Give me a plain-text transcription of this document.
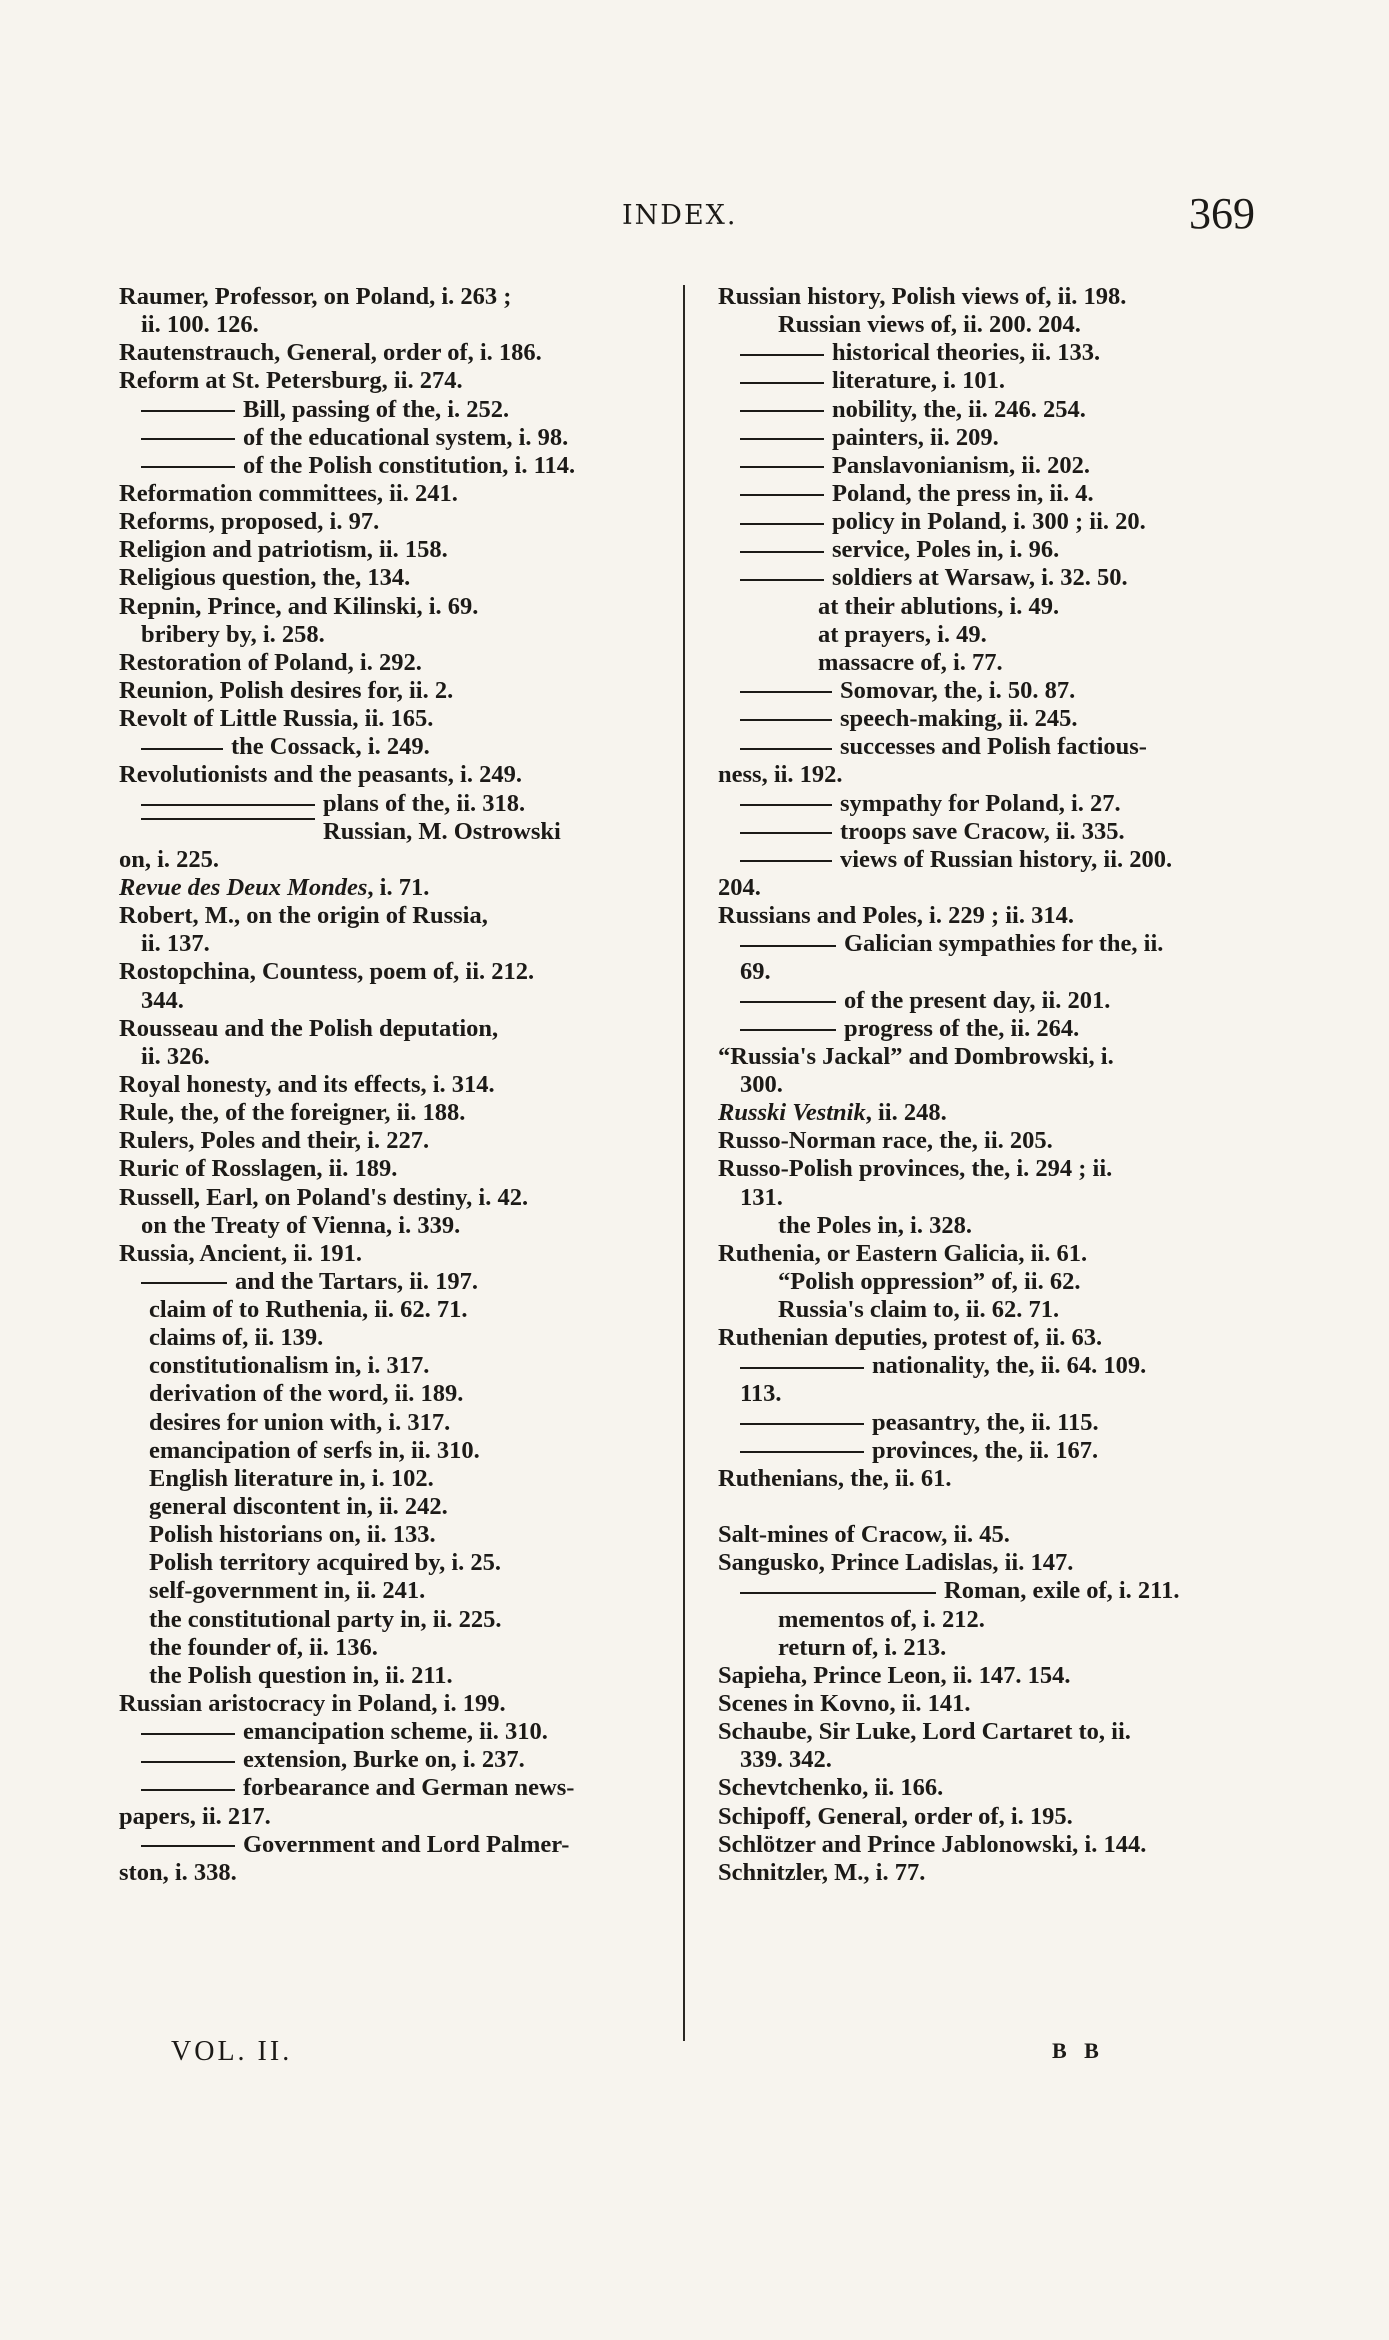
INDEX.	369
Raumer, Professor, on Poland, i. 263 ;
ii. 100. 126.
Rautenstrauch, General, order of, i. 186.
Reform at St. Petersburg, ii. 274.
Bill, passing of the, i. 252.
of the educational system, i. 98.
of the Polish constitution, i. 114.
Reformation committees, ii. 241.
Reforms, proposed, i. 97.
Religion and patriotism, ii. 158.
Religious question, the, 134.
Repnin, Prince, and Kilinski, i. 69.
bribery by, i. 258.
Restoration of Poland, i. 292.
Reunion, Polish desires for, ii. 2.
Revolt of Little Russia, ii. 165.
the Cossack, i. 249.
Revolutionists and the peasants, i. 249.
plans of the, ii. 318.
Russian, M. Ostrowski
on, i. 225.
Revue des Deux Mondes, i. 71.
Robert, M., on the origin of Russia,
ii. 137.
Rostopchina, Countess, poem of, ii. 212.
344.
Rousseau and the Polish deputation,
ii. 326.
Royal honesty, and its effects, i. 314.
Rule, the, of the foreigner, ii. 188.
Rulers, Poles and their, i. 227.
Ruric of Rosslagen, ii. 189.
Russell, Earl, on Poland's destiny, i. 42.
on the Treaty of Vienna, i. 339.
Russia, Ancient, ii. 191.
and the Tartars, ii. 197.
claim of to Ruthenia, ii. 62. 71.
claims of, ii. 139.
constitutionalism in, i. 317.
derivation of the word, ii. 189.
desires for union with, i. 317.
emancipation of serfs in, ii. 310.
English literature in, i. 102.
general discontent in, ii. 242.
Polish historians on, ii. 133.
Polish territory acquired by, i. 25.
self-government in, ii. 241.
the constitutional party in, ii. 225.
the founder of, ii. 136.
the Polish question in, ii. 211.
Russian aristocracy in Poland, i. 199.
emancipation scheme, ii. 310.
extension, Burke on, i. 237.
forbearance and German news-
papers, ii. 217.
Government and Lord Palmer-
ston, i. 338.
Russian history, Polish views of, ii. 198.
Russian views of, ii. 200. 204.
historical theories, ii. 133.
literature, i. 101.
nobility, the, ii. 246. 254.
painters, ii. 209.
Panslavonianism, ii. 202.
Poland, the press in, ii. 4.
policy in Poland, i. 300 ; ii. 20.
service, Poles in, i. 96.
soldiers at Warsaw, i. 32. 50.
at their ablutions, i. 49.
at prayers, i. 49.
massacre of, i. 77.
Somovar, the, i. 50. 87.
speech-making, ii. 245.
successes and Polish factious-
ness, ii. 192.
sympathy for Poland, i. 27.
troops save Cracow, ii. 335.
views of Russian history, ii. 200.
204.
Russians and Poles, i. 229 ; ii. 314.
Galician sympathies for the, ii.
69.
of the present day, ii. 201.
progress of the, ii. 264.
“Russia's Jackal” and Dombrowski, i.
300.
Russki Vestnik, ii. 248.
Russo-Norman race, the, ii. 205.
Russo-Polish provinces, the, i. 294 ; ii.
131.
the Poles in, i. 328.
Ruthenia, or Eastern Galicia, ii. 61.
“Polish oppression” of, ii. 62.
Russia's claim to, ii. 62. 71.
Ruthenian deputies, protest of, ii. 63.
nationality, the, ii. 64. 109.
113.
peasantry, the, ii. 115.
provinces, the, ii. 167.
Ruthenians, the, ii. 61.
Salt-mines of Cracow, ii. 45.
Sangusko, Prince Ladislas, ii. 147.
Roman, exile of, i. 211.
mementos of, i. 212.
return of, i. 213.
Sapieha, Prince Leon, ii. 147. 154.
Scenes in Kovno, ii. 141.
Schaube, Sir Luke, Lord Cartaret to, ii.
339. 342.
Schevtchenko, ii. 166.
Schipoff, General, order of, i. 195.
Schlötzer and Prince Jablonowski, i. 144.
Schnitzler, M., i. 77.
VOL. II.	B B
